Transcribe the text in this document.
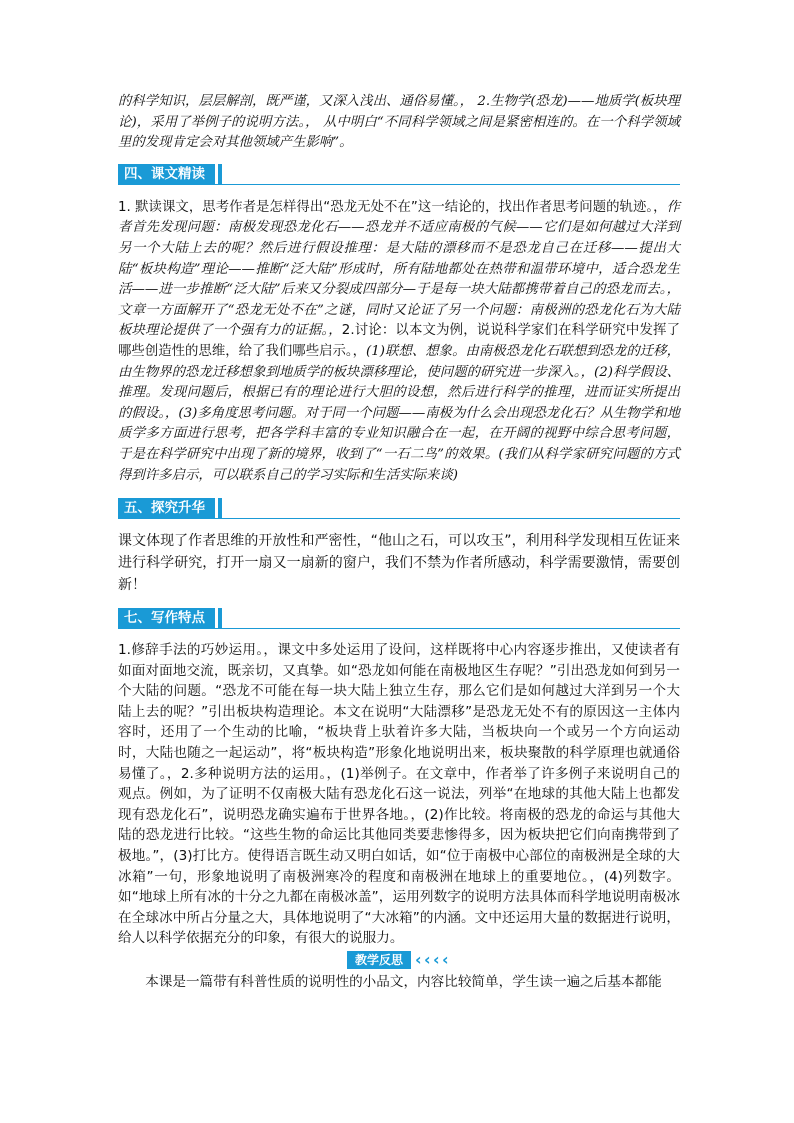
的科学知识，层层解剖，既严谨，又深入浅出、通俗易懂。， 2.生物学(恐龙)——地质学(板块理论)，采用了举例子的说明方法。， 从中明白“不同科学领域之间是紧密相连的。在一个科学领域里的发现肯定会对其他领域产生影响”。

四、课文精读

1. 默读课文，思考作者是怎样得出“恐龙无处不在”这一结论的，找出作者思考问题的轨迹。，作者首先发现问题：南极发现恐龙化石——恐龙并不适应南极的气候——它们是如何越过大洋到另一个大陆上去的呢？然后进行假设推理：是大陆的漂移而不是恐龙自己在迁移——提出大陆“板块构造”理论——推断“泛大陆”形成时，所有陆地都处在热带和温带环境中，适合恐龙生活——进一步推断“泛大陆”后来又分裂成四部分—于是每一块大陆都携带着自己的恐龙而去。，文章一方面解开了“恐龙无处不在”之谜，同时又论证了另一个问题：南极洲的恐龙化石为大陆板块理论提供了一个强有力的证据。，2.讨论：以本文为例，说说科学家们在科学研究中发挥了哪些创造性的思维，给了我们哪些启示。，(1)联想、想象。由南极恐龙化石联想到恐龙的迁移，由生物界的恐龙迁移想象到地质学的板块漂移理论，使问题的研究进一步深入。，(2)科学假设、推理。发现问题后，根据已有的理论进行大胆的设想，然后进行科学的推理，进而证实所提出的假设。，(3)多角度思考问题。对于同一个问题——南极为什么会出现恐龙化石？从生物学和地质学多方面进行思考，把各学科丰富的专业知识融合在一起，在开阔的视野中综合思考问题，于是在科学研究中出现了新的境界，收到了“一石二鸟”的效果。(我们从科学家研究问题的方式得到许多启示，可以联系自己的学习实际和生活实际来谈)

五、探究升华

课文体现了作者思维的开放性和严密性，“他山之石，可以攻玉”，利用科学发现相互佐证来进行科学研究，打开一扇又一扇新的窗户，我们不禁为作者所感动，科学需要激情，需要创新！

七、写作特点

1.修辞手法的巧妙运用。，课文中多处运用了设问，这样既将中心内容逐步推出，又使读者有如面对面地交流，既亲切，又真挚。如“恐龙如何能在南极地区生存呢？”引出恐龙如何到另一个大陆的问题。“恐龙不可能在每一块大陆上独立生存，那么它们是如何越过大洋到另一个大陆上去的呢？”引出板块构造理论。本文在说明“大陆漂移”是恐龙无处不有的原因这一主体内容时，还用了一个生动的比喻，“板块背上驮着许多大陆，当板块向一个或另一个方向运动时，大陆也随之一起运动”，将“板块构造”形象化地说明出来，板块聚散的科学原理也就通俗易懂了。，2.多种说明方法的运用。，(1)举例子。在文章中，作者举了许多例子来说明自己的观点。例如，为了证明不仅南极大陆有恐龙化石这一说法，列举“在地球的其他大陆上也都发现有恐龙化石”，说明恐龙确实遍布于世界各地。，(2)作比较。将南极的恐龙的命运与其他大陆的恐龙进行比较。“这些生物的命运比其他同类要悲惨得多，因为板块把它们向南携带到了极地。”，(3)打比方。使得语言既生动又明白如话，如“位于南极中心部位的南极洲是全球的大冰箱”一句，形象地说明了南极洲寒冷的程度和南极洲在地球上的重要地位。，(4)列数字。如“地球上所有冰的十分之九都在南极冰盖”，运用列数字的说明方法具体而科学地说明南极冰在全球冰中所占分量之大，具体地说明了“大冰箱”的内涵。文中还运用大量的数据进行说明，给人以科学依据充分的印象，有很大的说服力。

教学反思 ‹ ‹ ‹ ‹

本课是一篇带有科普性质的说明性的小品文，内容比较简单，学生读一遍之后基本都能
